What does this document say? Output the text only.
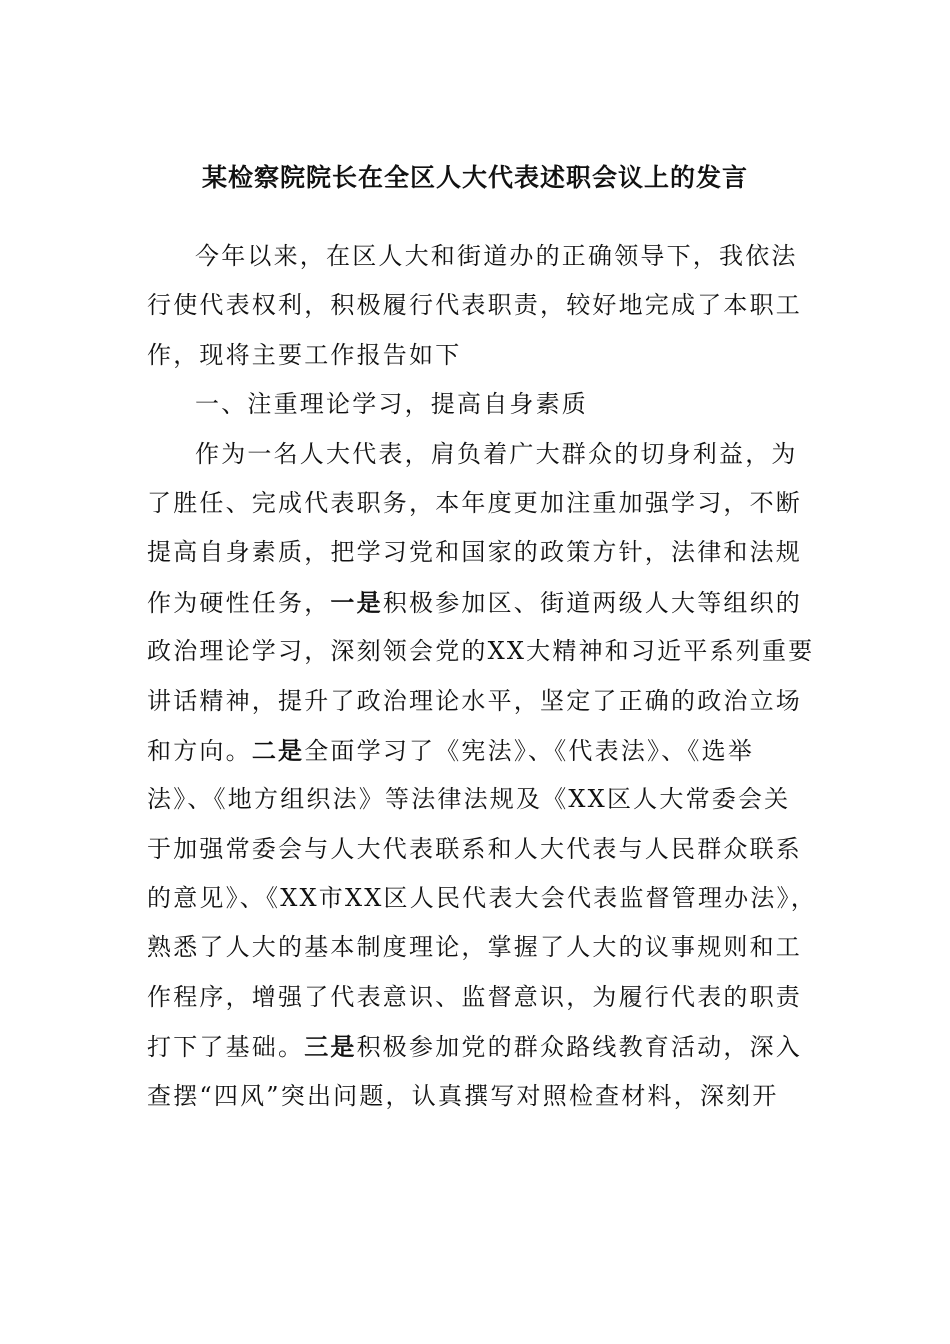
某检察院院长在全区人大代表述职会议上的发言
今年以来，在区人大和街道办的正确领导下，我依法
行使代表权利，积极履行代表职责，较好地完成了本职工
作，现将主要工作报告如下
一、注重理论学习，提高自身素质
作为一名人大代表，肩负着广大群众的切身利益，为
了胜任、完成代表职务，本年度更加注重加强学习，不断
提高自身素质，把学习党和国家的政策方针，法律和法规
作为硬性任务，一是积极参加区、街道两级人大等组织的
政治理论学习，深刻领会党的XX大精神和习近平系列重要
讲话精神，提升了政治理论水平，坚定了正确的政治立场
和方向。二是全面学习了《宪法》、《代表法》、《选举
法》、《地方组织法》等法律法规及《XX区人大常委会关
于加强常委会与人大代表联系和人大代表与人民群众联系
的意见》、《XX市XX区人民代表大会代表监督管理办法》，
熟悉了人大的基本制度理论，掌握了人大的议事规则和工
作程序，增强了代表意识、监督意识，为履行代表的职责
打下了基础。三是积极参加党的群众路线教育活动，深入
查摆“四风”突出问题，认真撰写对照检查材料，深刻开
